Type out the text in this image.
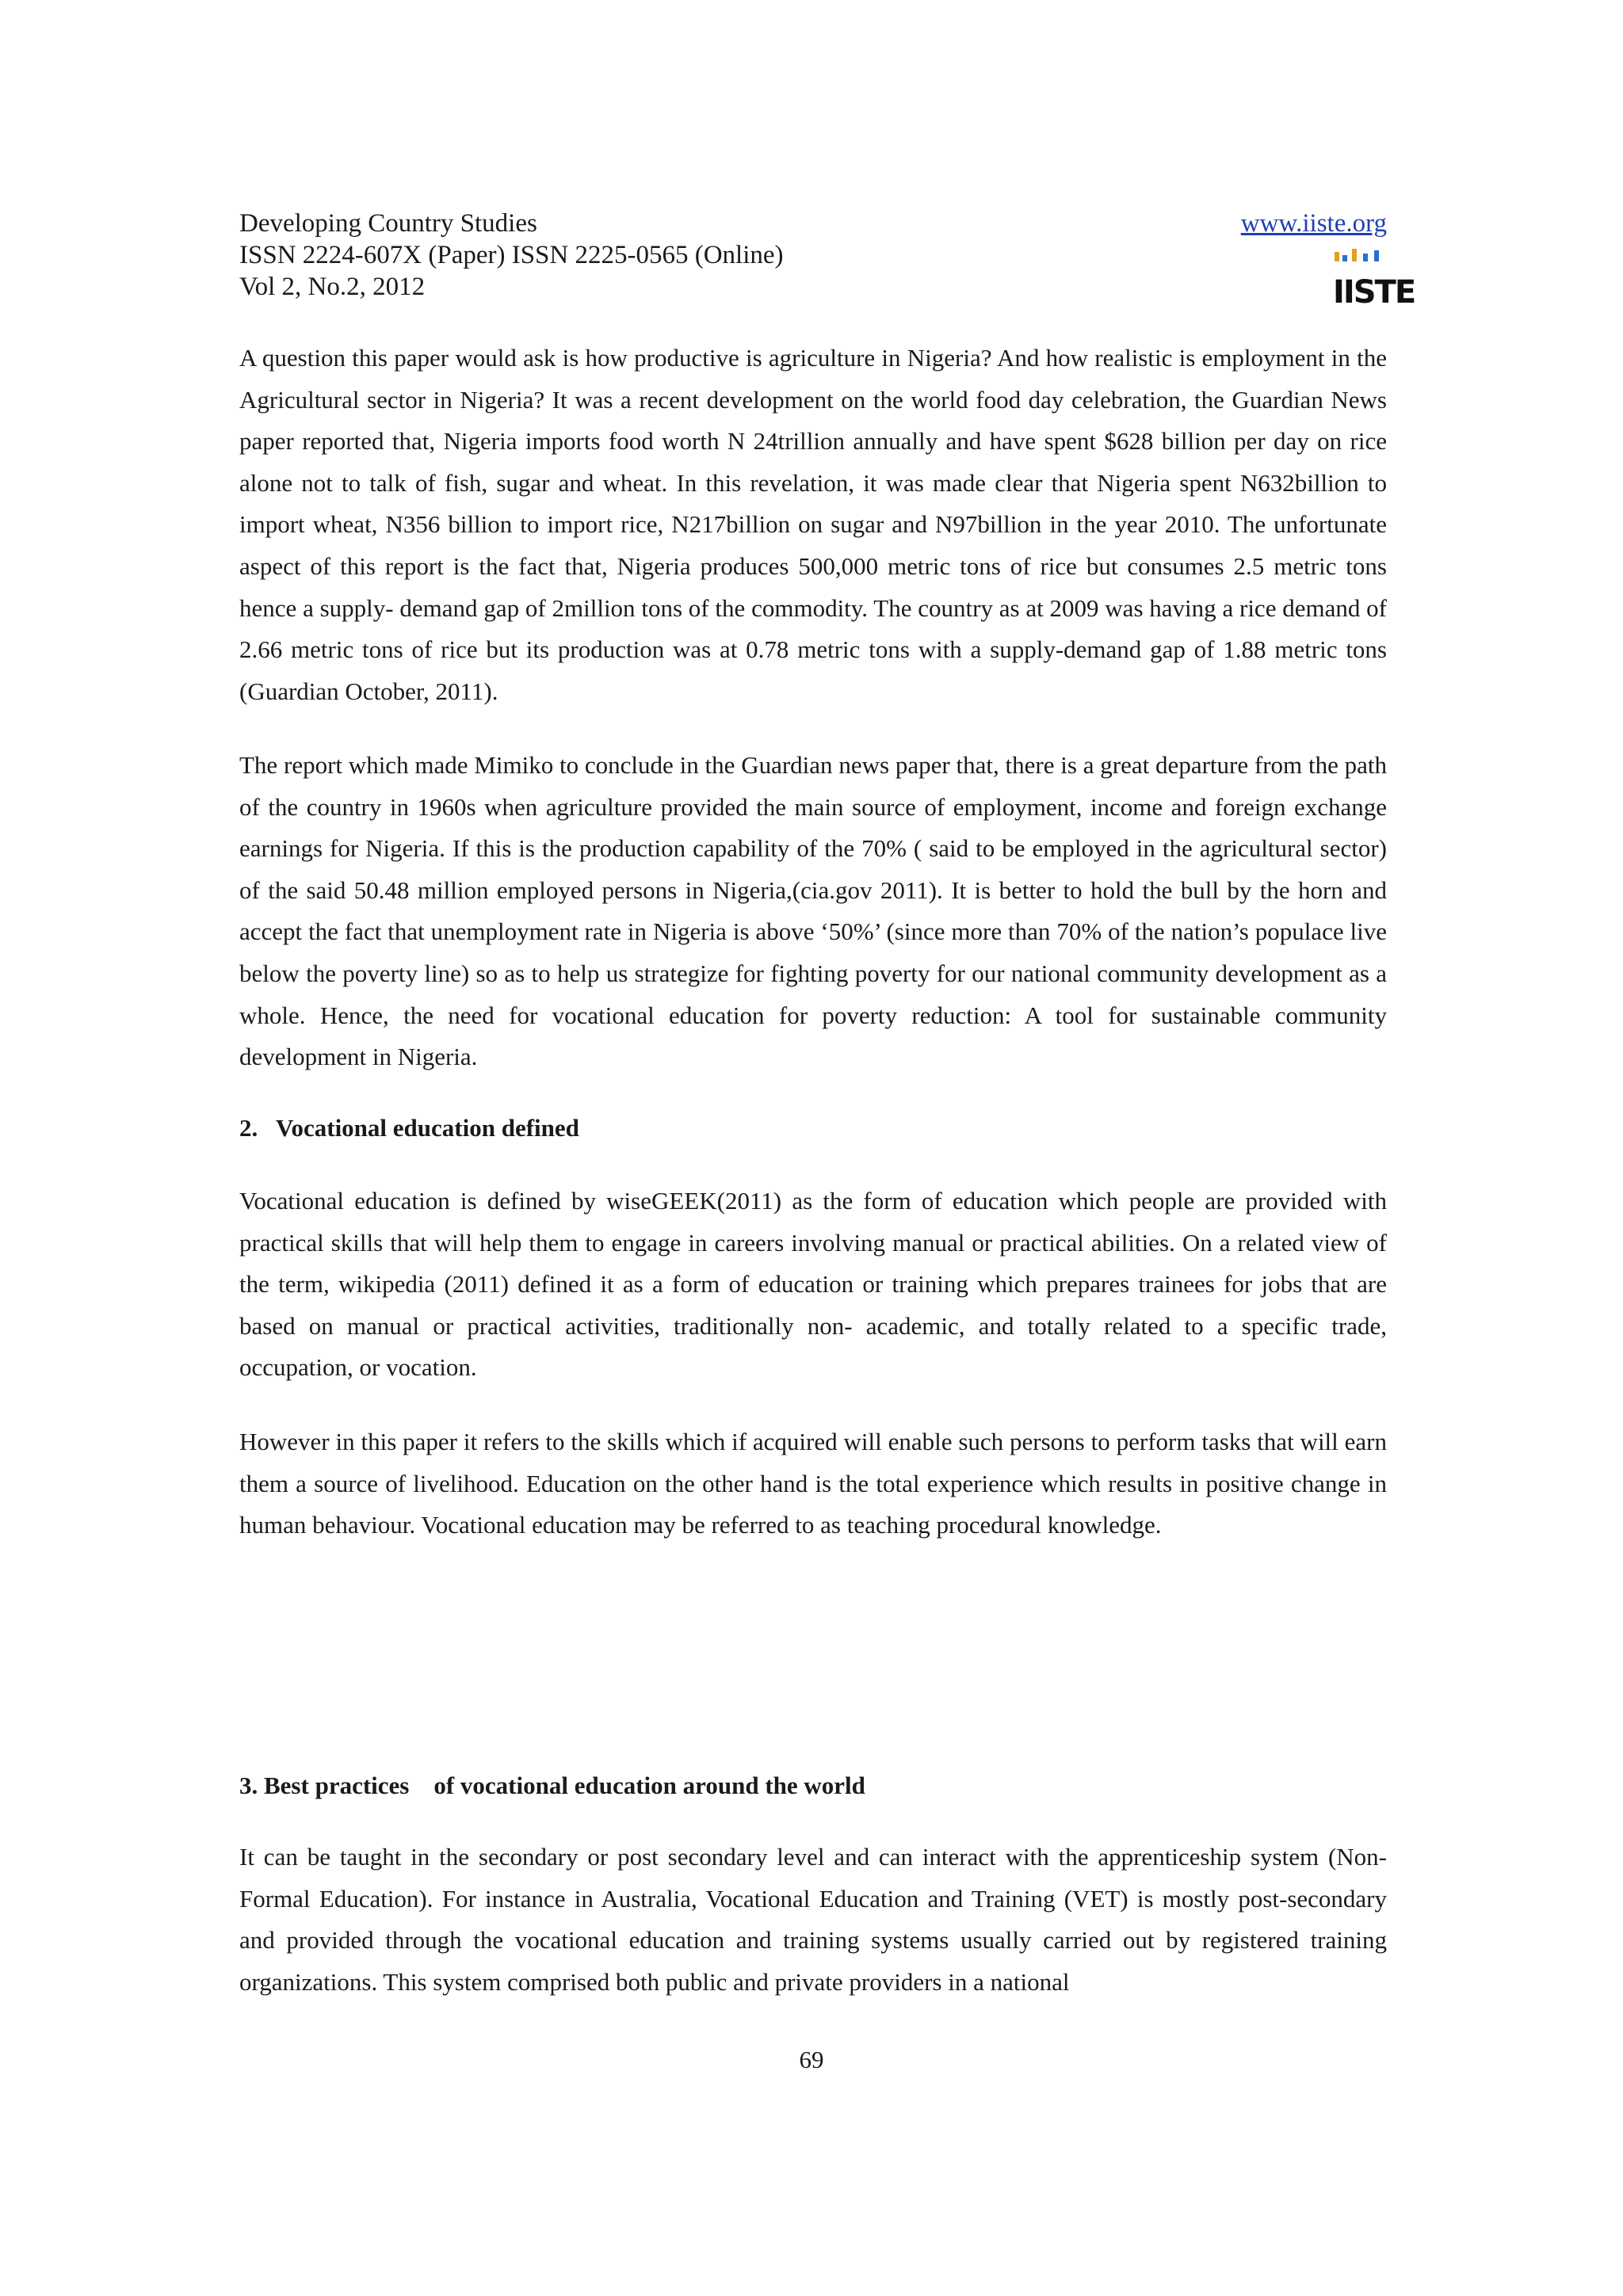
Developing Country Studies
ISSN 2224-607X (Paper) ISSN 2225-0565 (Online)
Vol 2, No.2, 2012
www.iiste.org
IISTE

A question this paper would ask is how productive is agriculture in Nigeria? And how realistic is employment in the Agricultural sector in Nigeria? It was a recent development on the world food day celebration, the Guardian News paper reported that, Nigeria imports food worth N 24trillion annually and have spent $628 billion per day on rice alone not to talk of fish, sugar and wheat. In this revelation, it was made clear that Nigeria spent N632billion to import wheat, N356 billion to import rice, N217billion on sugar and N97billion in the year 2010. The unfortunate aspect of this report is the fact that, Nigeria produces 500,000 metric tons of rice but consumes 2.5 metric tons hence a supply- demand gap of 2million tons of the commodity. The country as at 2009 was having a rice demand of 2.66 metric tons of rice but its production was at 0.78 metric tons with a supply-demand gap of 1.88 metric tons (Guardian October, 2011).

The report which made Mimiko to conclude in the Guardian news paper that, there is a great departure from the path of the country in 1960s when agriculture provided the main source of employment, income and foreign exchange earnings for Nigeria. If this is the production capability of the 70% ( said to be employed in the agricultural sector) of the said 50.48 million employed persons in Nigeria,(cia.gov 2011). It is better to hold the bull by the horn and accept the fact that unemployment rate in Nigeria is above ‘50%’ (since more than 70% of the nation’s populace live below the poverty line) so as to help us strategize for fighting poverty for our national community development as a whole. Hence, the need for vocational education for poverty reduction: A tool for sustainable community development in Nigeria.

2.   Vocational education defined

Vocational education is defined by wiseGEEK(2011) as the form of education which people are provided with practical skills that will help them to engage in careers involving manual or practical abilities. On a related view of the term, wikipedia (2011) defined it as a form of education or training which prepares trainees for jobs that are based on manual or practical activities, traditionally non- academic, and totally related to a specific trade, occupation, or vocation.

However in this paper it refers to the skills which if acquired will enable such persons to perform tasks that will earn them a source of livelihood. Education on the other hand is the total experience which results in positive change in human behaviour. Vocational education may be referred to as teaching procedural knowledge.

3. Best practices    of vocational education around the world

It can be taught in the secondary or post secondary level and can interact with the apprenticeship system (Non-Formal Education). For instance in Australia, Vocational Education and Training (VET) is mostly post-secondary and provided through the vocational education and training systems usually carried out by registered training organizations. This system comprised both public and private providers in a national

69
